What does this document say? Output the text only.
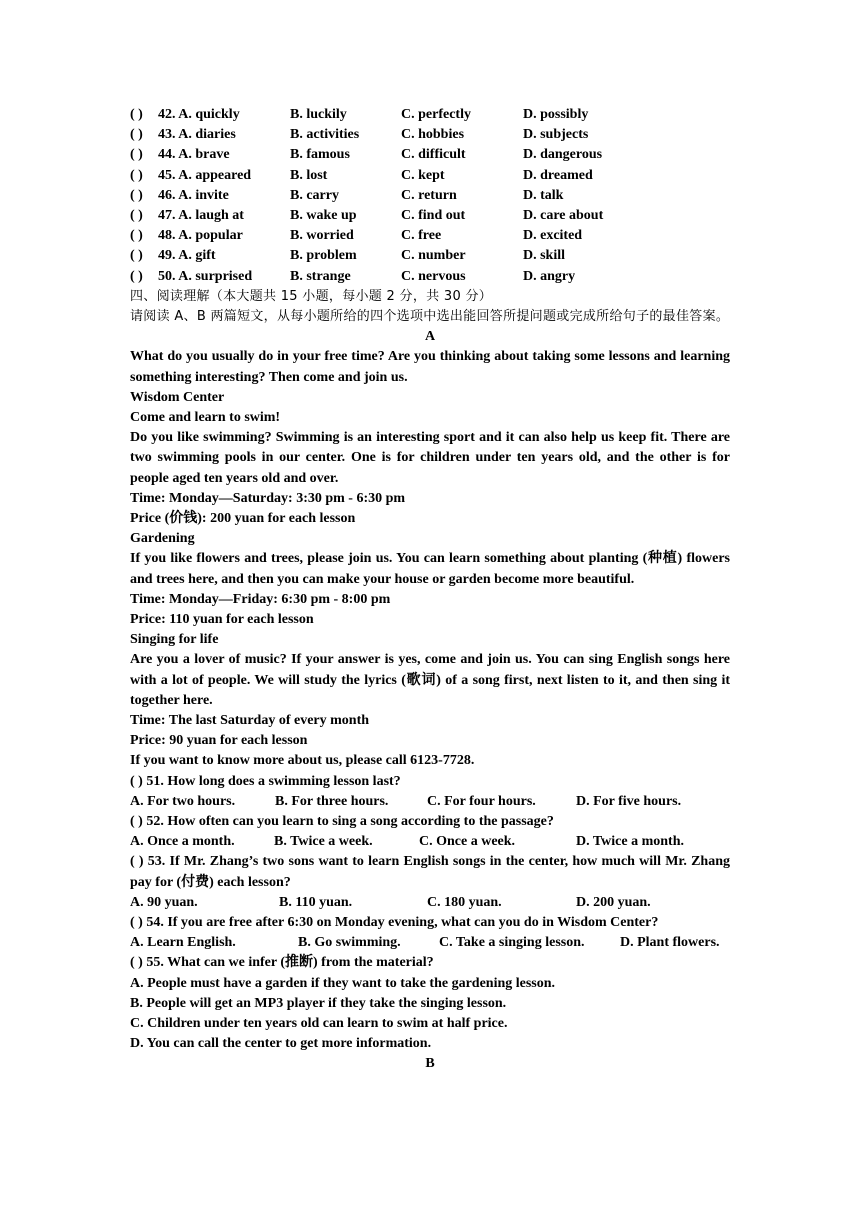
( ) 42. A. quickly	B. luckily	C. perfectly	D. possibly
( ) 43. A. diaries	B. activities	C. hobbies	D. subjects
( ) 44. A. brave	B. famous	C. difficult	D. dangerous
( ) 45. A. appeared	B. lost	C. kept	D. dreamed
( ) 46. A. invite	B. carry	C. return	D. talk
( ) 47. A. laugh at	B. wake up	C. find out	D. care about
( ) 48. A. popular	B. worried	C. free	D. excited
( ) 49. A. gift	B. problem	C. number	D. skill
( ) 50. A. surprised	B. strange	C. nervous	D. angry
四、阅读理解（本大题共 15 小题，每小题 2 分，共 30 分）
请阅读 A、B 两篇短文，从每小题所给的四个选项中选出能回答所提问题或完成所给句子的最佳答案。
A
What do you usually do in your free time? Are you thinking about taking some lessons and learning something interesting? Then come and join us.
Wisdom Center
Come and learn to swim!
Do you like swimming? Swimming is an interesting sport and it can also help us keep fit. There are two swimming pools in our center. One is for children under ten years old, and the other is for people aged ten years old and over.
Time: Monday—Saturday: 3:30 pm - 6:30 pm
Price (价钱): 200 yuan for each lesson
Gardening
If you like flowers and trees, please join us. You can learn something about planting (种植) flowers and trees here, and then you can make your house or garden become more beautiful.
Time: Monday—Friday: 6:30 pm - 8:00 pm
Price: 110 yuan for each lesson
Singing for life
Are you a lover of music? If your answer is yes, come and join us. You can sing English songs here with a lot of people. We will study the lyrics (歌词) of a song first, next listen to it, and then sing it together here.
Time: The last Saturday of every month
Price: 90 yuan for each lesson
If you want to know more about us, please call 6123-7728.
( ) 51. How long does a swimming lesson last?
A. For two hours.	B. For three hours.	C. For four hours.	D. For five hours.
( ) 52. How often can you learn to sing a song according to the passage?
A. Once a month.	B. Twice a week.	C. Once a week.	D. Twice a month.
( ) 53. If Mr. Zhang’s two sons want to learn English songs in the center, how much will Mr. Zhang pay for (付费) each lesson?
A. 90 yuan.	B. 110 yuan.	C. 180 yuan.	D. 200 yuan.
( ) 54. If you are free after 6:30 on Monday evening, what can you do in Wisdom Center?
A. Learn English.	B. Go swimming.	C. Take a singing lesson.	D. Plant flowers.
( ) 55. What can we infer (推断) from the material?
A. People must have a garden if they want to take the gardening lesson.
B. People will get an MP3 player if they take the singing lesson.
C. Children under ten years old can learn to swim at half price.
D. You can call the center to get more information.
B
